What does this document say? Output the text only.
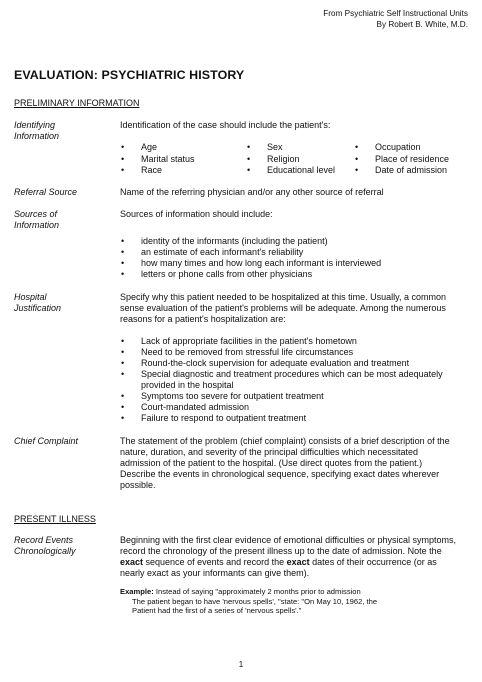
From Psychiatric Self Instructional Units
By Robert B. White, M.D.
EVALUATION: PSYCHIATRIC HISTORY
PRELIMINARY INFORMATION
Identifying
Information
Identification of the case should include the patient's:
•	Age	•	Sex	•	Occupation
•	Marital status	•	Religion	•	Place of residence
•	Race	•	Educational level •	Date of admission
Referral Source	Name of the referring physician and/or any other source of referral
Sources of
Information
Sources of information should include:
•	identity of the informants (including the patient)
•	an estimate of each informant's reliability
•	how many times and how long each informant is interviewed
•	letters or phone calls from other physicians
Hospital
Justification
Specify why this patient needed to be hospitalized at this time. Usually, a common sense evaluation of the patient's problems will be adequate. Among the numerous reasons for a patient's hospitalization are:
•	Lack of appropriate facilities in the patient's hometown
•	Need to be removed from stressful life circumstances
•	Round-the-clock supervision for adequate evaluation and treatment
•	Special diagnostic and treatment procedures which can be most adequately provided in the hospital
•	Symptoms too severe for outpatient treatment
•	Court-mandated admission
•	Failure to respond to outpatient treatment
Chief Complaint	The statement of the problem (chief complaint) consists of a brief description of the nature, duration, and severity of the principal difficulties which necessitated admission of the patient to the hospital. (Use direct quotes from the patient.) Describe the events in chronological sequence, specifying exact dates wherever possible.
PRESENT ILLNESS
Record Events
Chronologically
Beginning with the first clear evidence of emotional difficulties or physical symptoms, record the chronology of the present illness up to the date of admission. Note the exact sequence of events and record the exact dates of their occurrence (or as nearly exact as your informants can give them).
Example: Instead of saying "approximately 2 months prior to admission
The patient began to have 'nervous spells', "state: "On May 10, 1962, the
Patient had the first of a series of 'nervous spells'."
1
